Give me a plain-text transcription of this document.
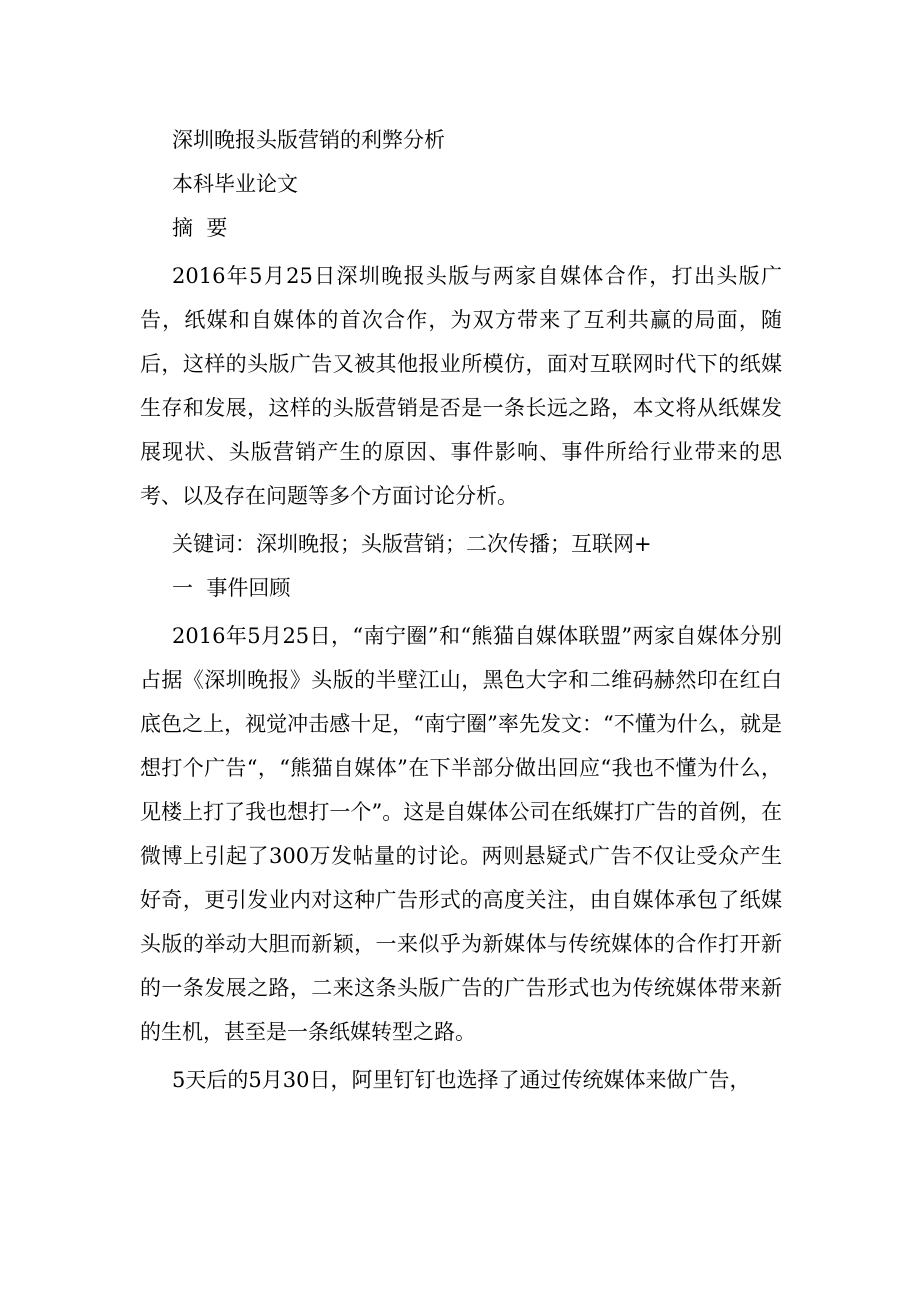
深圳晚报头版营销的利弊分析
本科毕业论文
摘  要

2016年5月25日深圳晚报头版与两家自媒体合作，打出头版广告，纸媒和自媒体的首次合作，为双方带来了互利共赢的局面，随后，这样的头版广告又被其他报业所模仿，面对互联网时代下的纸媒生存和发展，这样的头版营销是否是一条长远之路，本文将从纸媒发展现状、头版营销产生的原因、事件影响、事件所给行业带来的思考、以及存在问题等多个方面讨论分析。

关键词：深圳晚报；头版营销；二次传播；互联网+
一  事件回顾

2016年5月25日，“南宁圈”和“熊猫自媒体联盟”两家自媒体分别占据《深圳晚报》头版的半壁江山，黑色大字和二维码赫然印在红白底色之上，视觉冲击感十足，“南宁圈”率先发文：“不懂为什么，就是想打个广告“，“熊猫自媒体”在下半部分做出回应“我也不懂为什么，见楼上打了我也想打一个”。这是自媒体公司在纸媒打广告的首例，在微博上引起了300万发帖量的讨论。两则悬疑式广告不仅让受众产生好奇，更引发业内对这种广告形式的高度关注，由自媒体承包了纸媒头版的举动大胆而新颖，一来似乎为新媒体与传统媒体的合作打开新的一条发展之路，二来这条头版广告的广告形式也为传统媒体带来新的生机，甚至是一条纸媒转型之路。

5天后的5月30日，阿里钉钉也选择了通过传统媒体来做广告，
